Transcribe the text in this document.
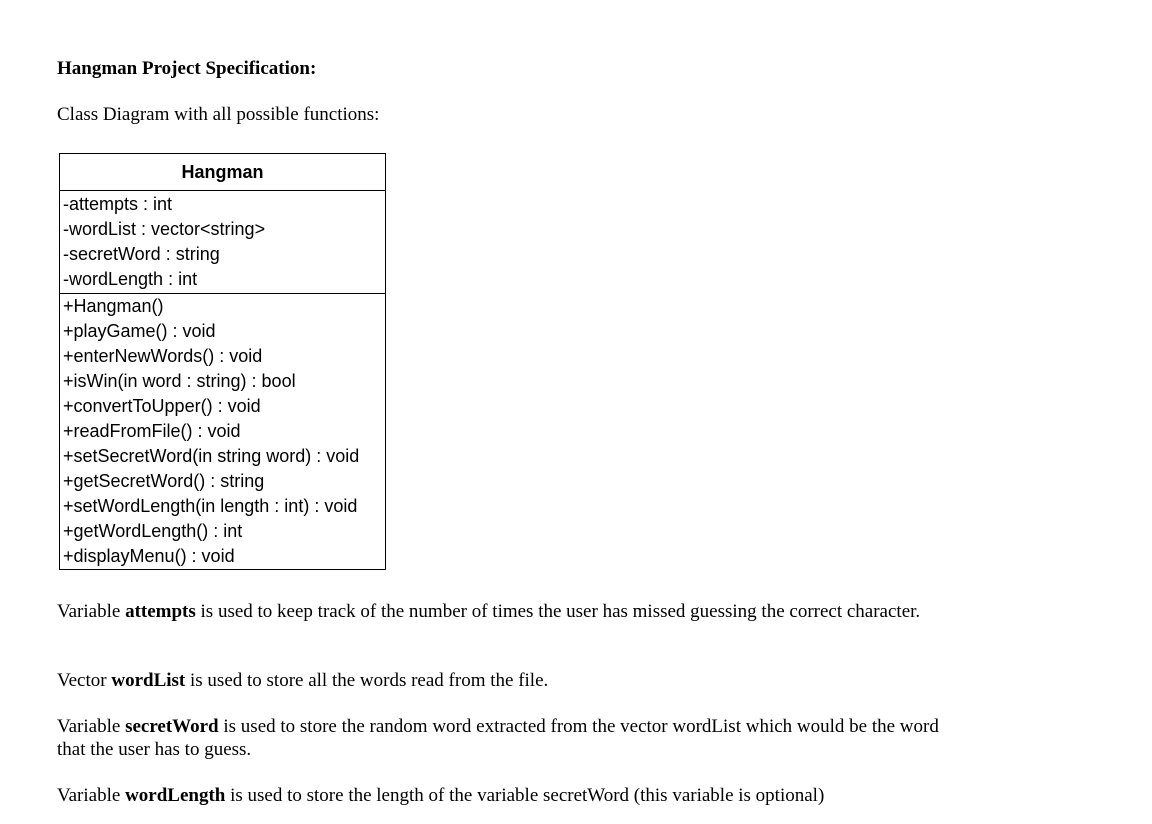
Hangman Project Specification:

Class Diagram with all possible functions:

Hangman
-attempts : int
-wordList : vector<string>
-secretWord : string
-wordLength : int
+Hangman()
+playGame() : void
+enterNewWords() : void
+isWin(in word : string) : bool
+convertToUpper() : void
+readFromFile() : void
+setSecretWord(in string word) : void
+getSecretWord() : string
+setWordLength(in length : int) : void
+getWordLength() : int
+displayMenu() : void

Variable attempts is used to keep track of the number of times the user has missed guessing the correct character.

Vector wordList is used to store all the words read from the file.

Variable secretWord is used to store the random word extracted from the vector wordList which would be the word that the user has to guess.

Variable wordLength is used to store the length of the variable secretWord (this variable is optional)
